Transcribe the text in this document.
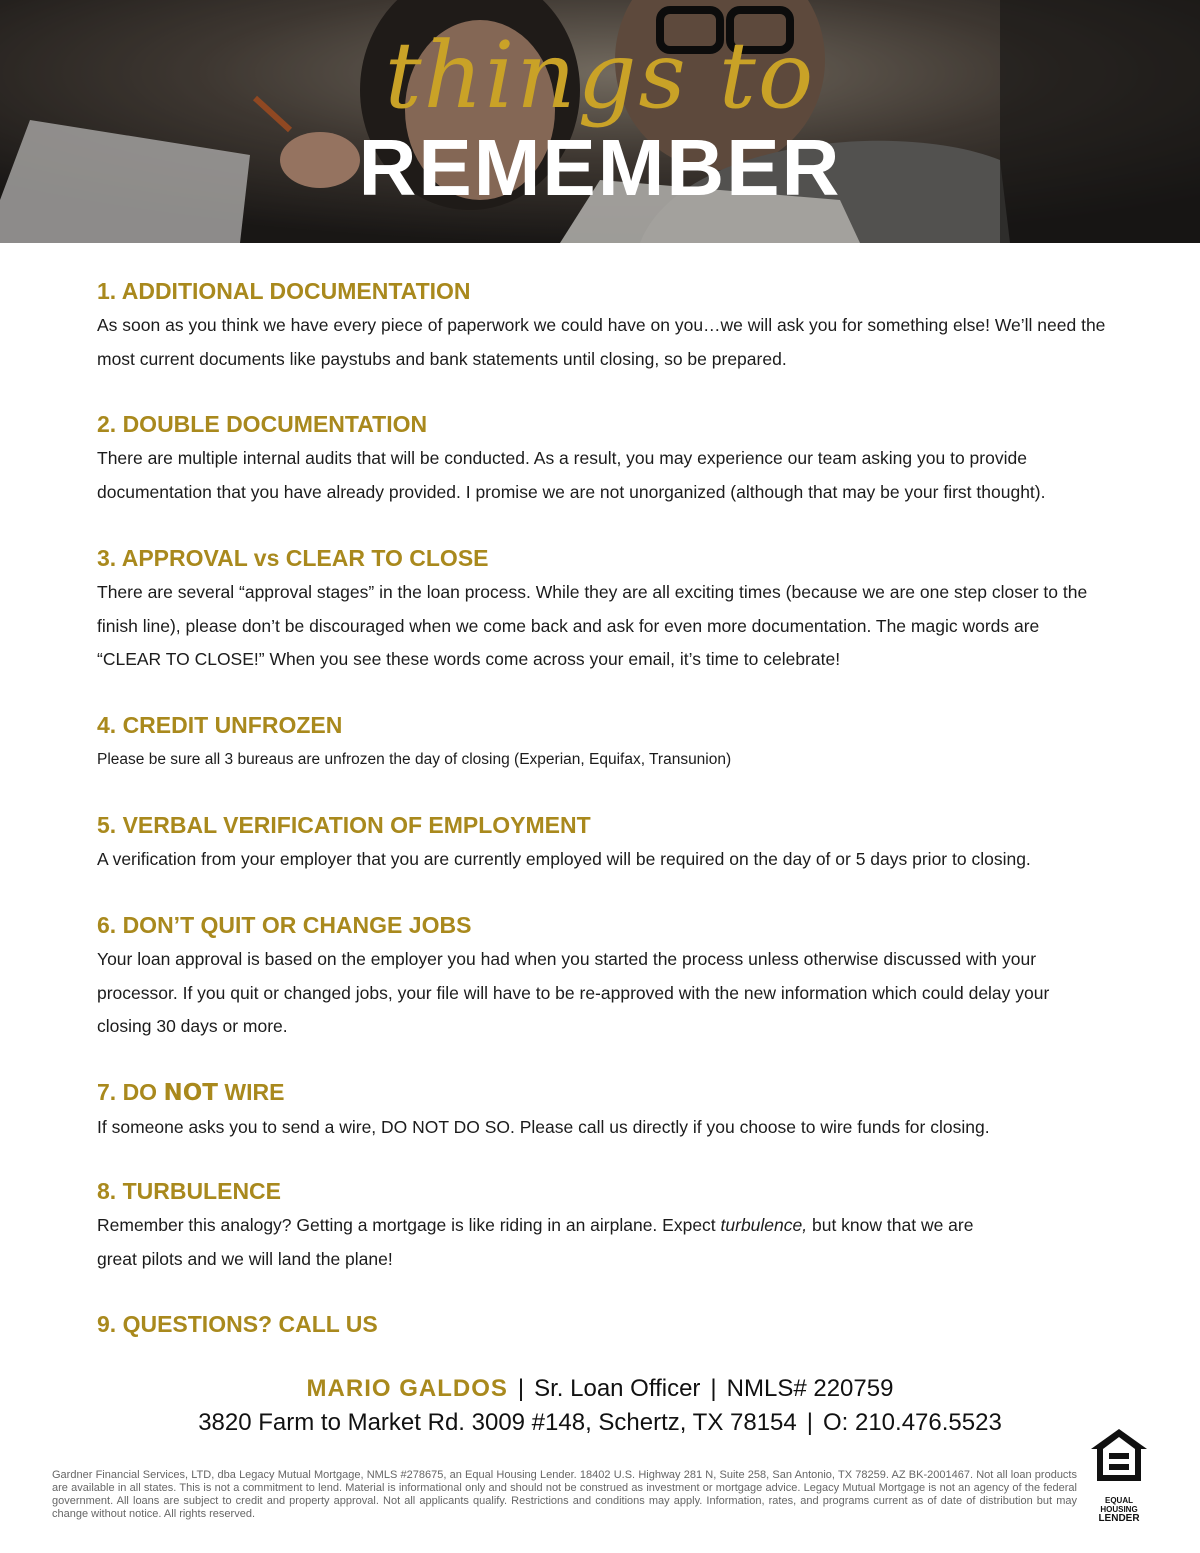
things to
REMEMBER
1. ADDITIONAL DOCUMENTATION

As soon as you think we have every piece of paperwork we could have on you…we will ask you for something else! We’ll need the most current documents like paystubs and bank statements until closing, so be prepared.

2. DOUBLE DOCUMENTATION

There are multiple internal audits that will be conducted. As a result, you may experience our team asking you to provide documentation that you have already provided. I promise we are not unorganized (although that may be your first thought).

3. APPROVAL vs CLEAR TO CLOSE

There are several “approval stages” in the loan process. While they are all exciting times (because we are one step closer to the finish line), please don’t be discouraged when we come back and ask for even more documentation. The magic words are “CLEAR TO CLOSE!” When you see these words come across your email, it’s time to celebrate!

4. CREDIT UNFROZEN

Please be sure all 3 bureaus are unfrozen the day of closing (Experian, Equifax, Transunion)

5. VERBAL VERIFICATION OF EMPLOYMENT

A verification from your employer that you are currently employed will be required on the day of or 5 days prior to closing.

6. DON’T QUIT OR CHANGE JOBS

Your loan approval is based on the employer you had when you started the process unless otherwise discussed with your processor. If you quit or changed jobs, your file will have to be re-approved with the new information which could delay your closing 30 days or more.

7. DO NOT WIRE

If someone asks you to send a wire, DO NOT DO SO. Please call us directly if you choose to wire funds for closing.

8. TURBULENCE

Remember this analogy? Getting a mortgage is like riding in an airplane. Expect turbulence, but know that we are
great pilots and we will land the plane!

9. QUESTIONS? CALL US
MARIO GALDOS | Sr. Loan Officer | NMLS# 220759
3820 Farm to Market Rd. 3009 #148, Schertz, TX 78154 | O: 210.476.5523
Gardner Financial Services, LTD, dba Legacy Mutual Mortgage, NMLS #278675, an Equal Housing Lender. 18402 U.S. Highway 281 N, Suite 258, San Antonio, TX 78259. AZ BK-2001467. Not all loan products are available in all states. This is not a commitment to lend. Material is informational only and should not be construed as investment or mortgage advice. Legacy Mutual Mortgage is not an agency of the federal government. All loans are subject to credit and property approval. Not all applicants qualify. Restrictions and conditions may apply. Information, rates, and programs current as of date of distribution but may change without notice. All rights reserved.
EQUAL HOUSING
LENDER
